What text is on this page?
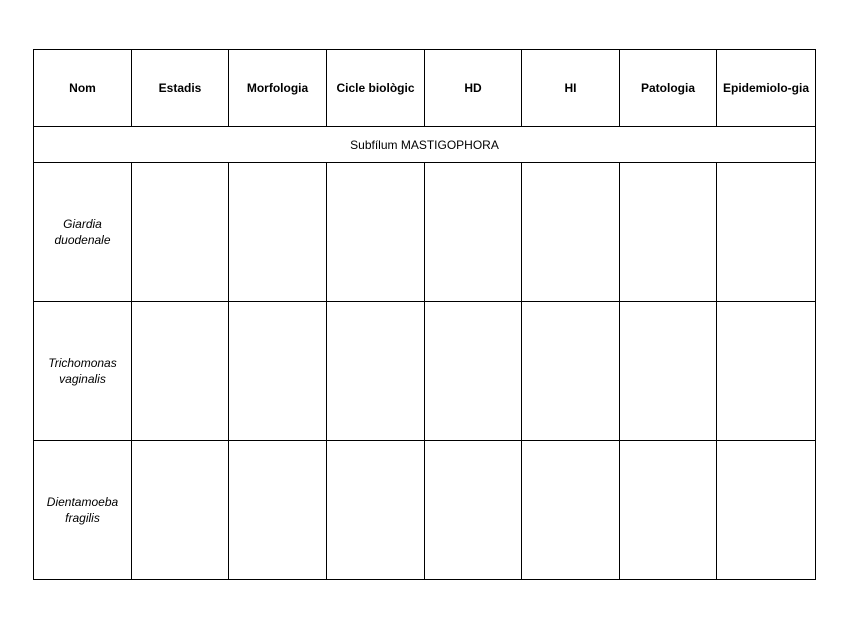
Nom	Estadis	Morfologia	Cicle biològic	HD	HI	Patologia	Epidemiolo-gia
Subfílum MASTIGOPHORA							
Giardia duodenale							
Trichomonas vaginalis							
Dientamoeba fragilis							
